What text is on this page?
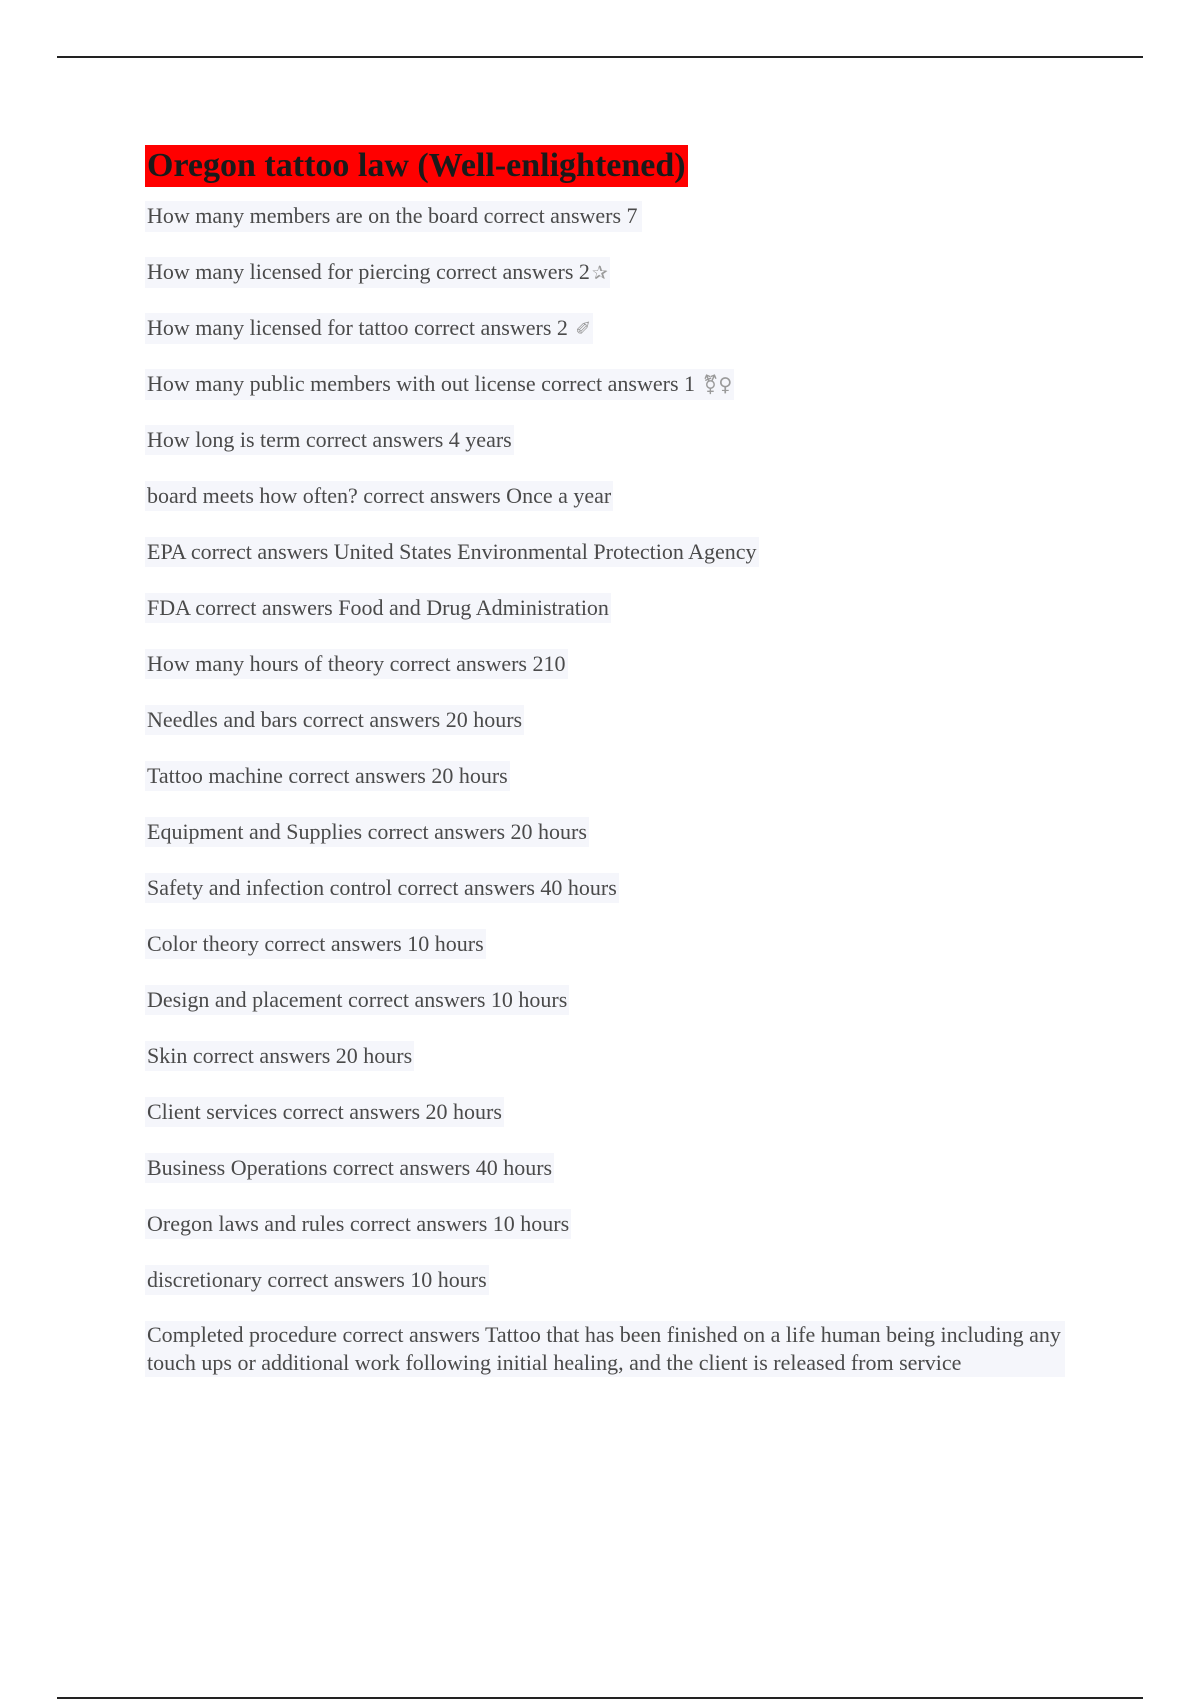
Oregon tattoo law (Well-enlightened)
How many members are on the board correct answers 7
How many licensed for piercing correct answers 2 ✰
How many licensed for tattoo correct answers 2 ✐
How many public members with out license correct answers 1 ⚧♀
How long is term correct answers 4 years
board meets how often? correct answers Once a year
EPA correct answers United States Environmental Protection Agency
FDA correct answers Food and Drug Administration
How many hours of theory correct answers 210
Needles and bars correct answers 20 hours
Tattoo machine correct answers 20 hours
Equipment and Supplies correct answers 20 hours
Safety and infection control correct answers 40 hours
Color theory correct answers 10 hours
Design and placement correct answers 10 hours
Skin correct answers 20 hours
Client services correct answers 20 hours
Business Operations correct answers 40 hours
Oregon laws and rules correct answers 10 hours
discretionary correct answers 10 hours
Completed procedure correct answers Tattoo that has been finished on a life human being including any touch ups or additional work following initial healing, and the client is released from service
